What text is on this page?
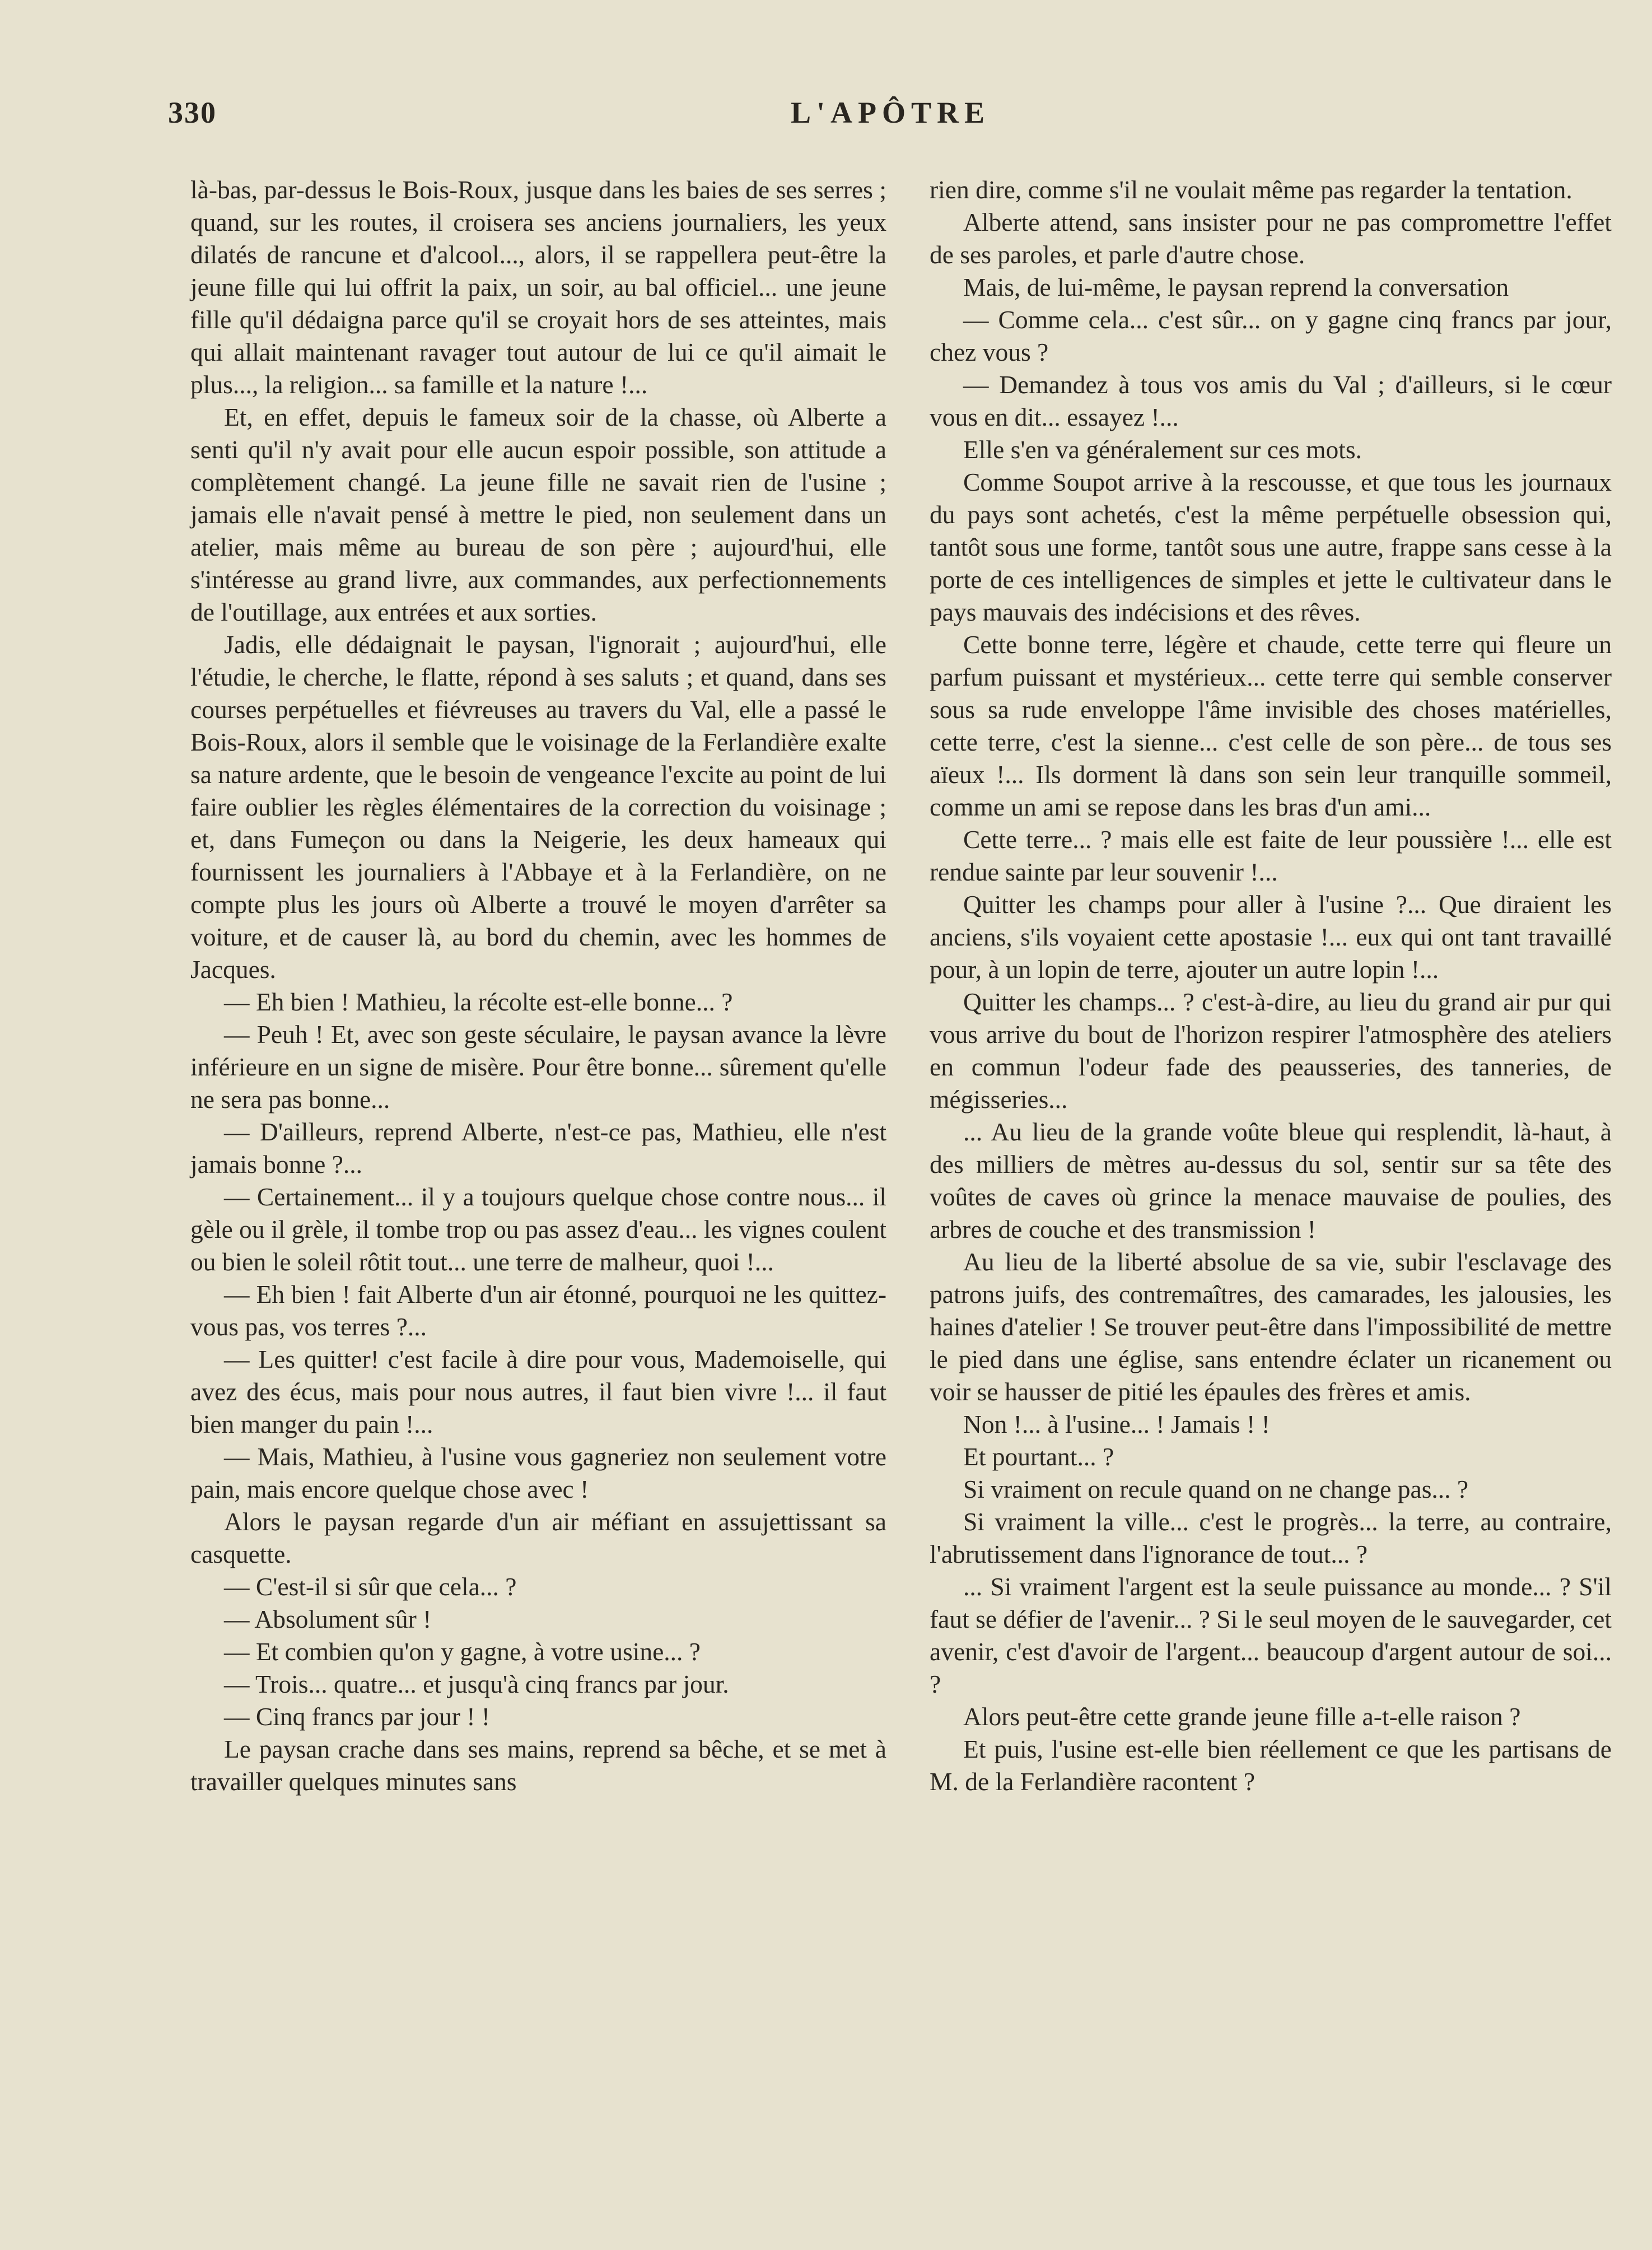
330	L'APÔTRE

là-bas, par-dessus le Bois-Roux, jusque dans les baies de ses serres ; quand, sur les routes, il croisera ses anciens journaliers, les yeux dilatés de rancune et d'alcool..., alors, il se rappellera peut-être la jeune fille qui lui offrit la paix, un soir, au bal officiel... une jeune fille qu'il dédaigna parce qu'il se croyait hors de ses atteintes, mais qui allait maintenant ravager tout autour de lui ce qu'il aimait le plus..., la religion... sa famille et la nature !...

Et, en effet, depuis le fameux soir de la chasse, où Alberte a senti qu'il n'y avait pour elle aucun espoir possible, son attitude a complètement changé. La jeune fille ne savait rien de l'usine ; jamais elle n'avait pensé à mettre le pied, non seulement dans un atelier, mais même au bureau de son père ; aujourd'hui, elle s'intéresse au grand livre, aux commandes, aux perfectionnements de l'outillage, aux entrées et aux sorties.

Jadis, elle dédaignait le paysan, l'ignorait ; aujourd'hui, elle l'étudie, le cherche, le flatte, répond à ses saluts ; et quand, dans ses courses perpétuelles et fiévreuses au travers du Val, elle a passé le Bois-Roux, alors il semble que le voisinage de la Ferlandière exalte sa nature ardente, que le besoin de vengeance l'excite au point de lui faire oublier les règles élémentaires de la correction du voisinage ; et, dans Fumeçon ou dans la Neigerie, les deux hameaux qui fournissent les journaliers à l'Abbaye et à la Ferlandière, on ne compte plus les jours où Alberte a trouvé le moyen d'arrêter sa voiture, et de causer là, au bord du chemin, avec les hommes de Jacques.

— Eh bien ! Mathieu, la récolte est-elle bonne... ?

— Peuh ! Et, avec son geste séculaire, le paysan avance la lèvre inférieure en un signe de misère. Pour être bonne... sûrement qu'elle ne sera pas bonne...

— D'ailleurs, reprend Alberte, n'est-ce pas, Mathieu, elle n'est jamais bonne ?...

— Certainement... il y a toujours quelque chose contre nous... il gèle ou il grèle, il tombe trop ou pas assez d'eau... les vignes coulent ou bien le soleil rôtit tout... une terre de malheur, quoi !...

— Eh bien ! fait Alberte d'un air étonné, pourquoi ne les quittez-vous pas, vos terres ?...

— Les quitter! c'est facile à dire pour vous, Mademoiselle, qui avez des écus, mais pour nous autres, il faut bien vivre !... il faut bien manger du pain !...

— Mais, Mathieu, à l'usine vous gagneriez non seulement votre pain, mais encore quelque chose avec !

Alors le paysan regarde d'un air méfiant en assujettissant sa casquette.

— C'est-il si sûr que cela... ?

— Absolument sûr !

— Et combien qu'on y gagne, à votre usine... ?

— Trois... quatre... et jusqu'à cinq francs par jour.

— Cinq francs par jour ! !

Le paysan crache dans ses mains, reprend sa bêche, et se met à travailler quelques minutes sans

rien dire, comme s'il ne voulait même pas regarder la tentation.

Alberte attend, sans insister pour ne pas compromettre l'effet de ses paroles, et parle d'autre chose.

Mais, de lui-même, le paysan reprend la conversation

— Comme cela... c'est sûr... on y gagne cinq francs par jour, chez vous ?

— Demandez à tous vos amis du Val ; d'ailleurs, si le cœur vous en dit... essayez !...

Elle s'en va généralement sur ces mots.

Comme Soupot arrive à la rescousse, et que tous les journaux du pays sont achetés, c'est la même perpétuelle obsession qui, tantôt sous une forme, tantôt sous une autre, frappe sans cesse à la porte de ces intelligences de simples et jette le cultivateur dans le pays mauvais des indécisions et des rêves.

Cette bonne terre, légère et chaude, cette terre qui fleure un parfum puissant et mystérieux... cette terre qui semble conserver sous sa rude enveloppe l'âme invisible des choses matérielles, cette terre, c'est la sienne... c'est celle de son père... de tous ses aïeux !... Ils dorment là dans son sein leur tranquille sommeil, comme un ami se repose dans les bras d'un ami...

Cette terre... ? mais elle est faite de leur poussière !... elle est rendue sainte par leur souvenir !...

Quitter les champs pour aller à l'usine ?... Que diraient les anciens, s'ils voyaient cette apostasie !... eux qui ont tant travaillé pour, à un lopin de terre, ajouter un autre lopin !...

Quitter les champs... ? c'est-à-dire, au lieu du grand air pur qui vous arrive du bout de l'horizon respirer l'atmosphère des ateliers en commun l'odeur fade des peausseries, des tanneries, de mégisseries...

... Au lieu de la grande voûte bleue qui resplendit, là-haut, à des milliers de mètres au-dessus du sol, sentir sur sa tête des voûtes de caves où grince la menace mauvaise de poulies, des arbres de couche et des transmission !

Au lieu de la liberté absolue de sa vie, subir l'esclavage des patrons juifs, des contremaîtres, des camarades, les jalousies, les haines d'atelier ! Se trouver peut-être dans l'impossibilité de mettre le pied dans une église, sans entendre éclater un ricanement ou voir se hausser de pitié les épaules des frères et amis.

Non !... à l'usine... ! Jamais ! !

Et pourtant... ?

Si vraiment on recule quand on ne change pas... ?

Si vraiment la ville... c'est le progrès... la terre, au contraire, l'abrutissement dans l'ignorance de tout... ?

... Si vraiment l'argent est la seule puissance au monde... ? S'il faut se défier de l'avenir... ? Si le seul moyen de le sauvegarder, cet avenir, c'est d'avoir de l'argent... beaucoup d'argent autour de soi... ?

Alors peut-être cette grande jeune fille a-t-elle raison ?

Et puis, l'usine est-elle bien réellement ce que les partisans de M. de la Ferlandière racontent ?
